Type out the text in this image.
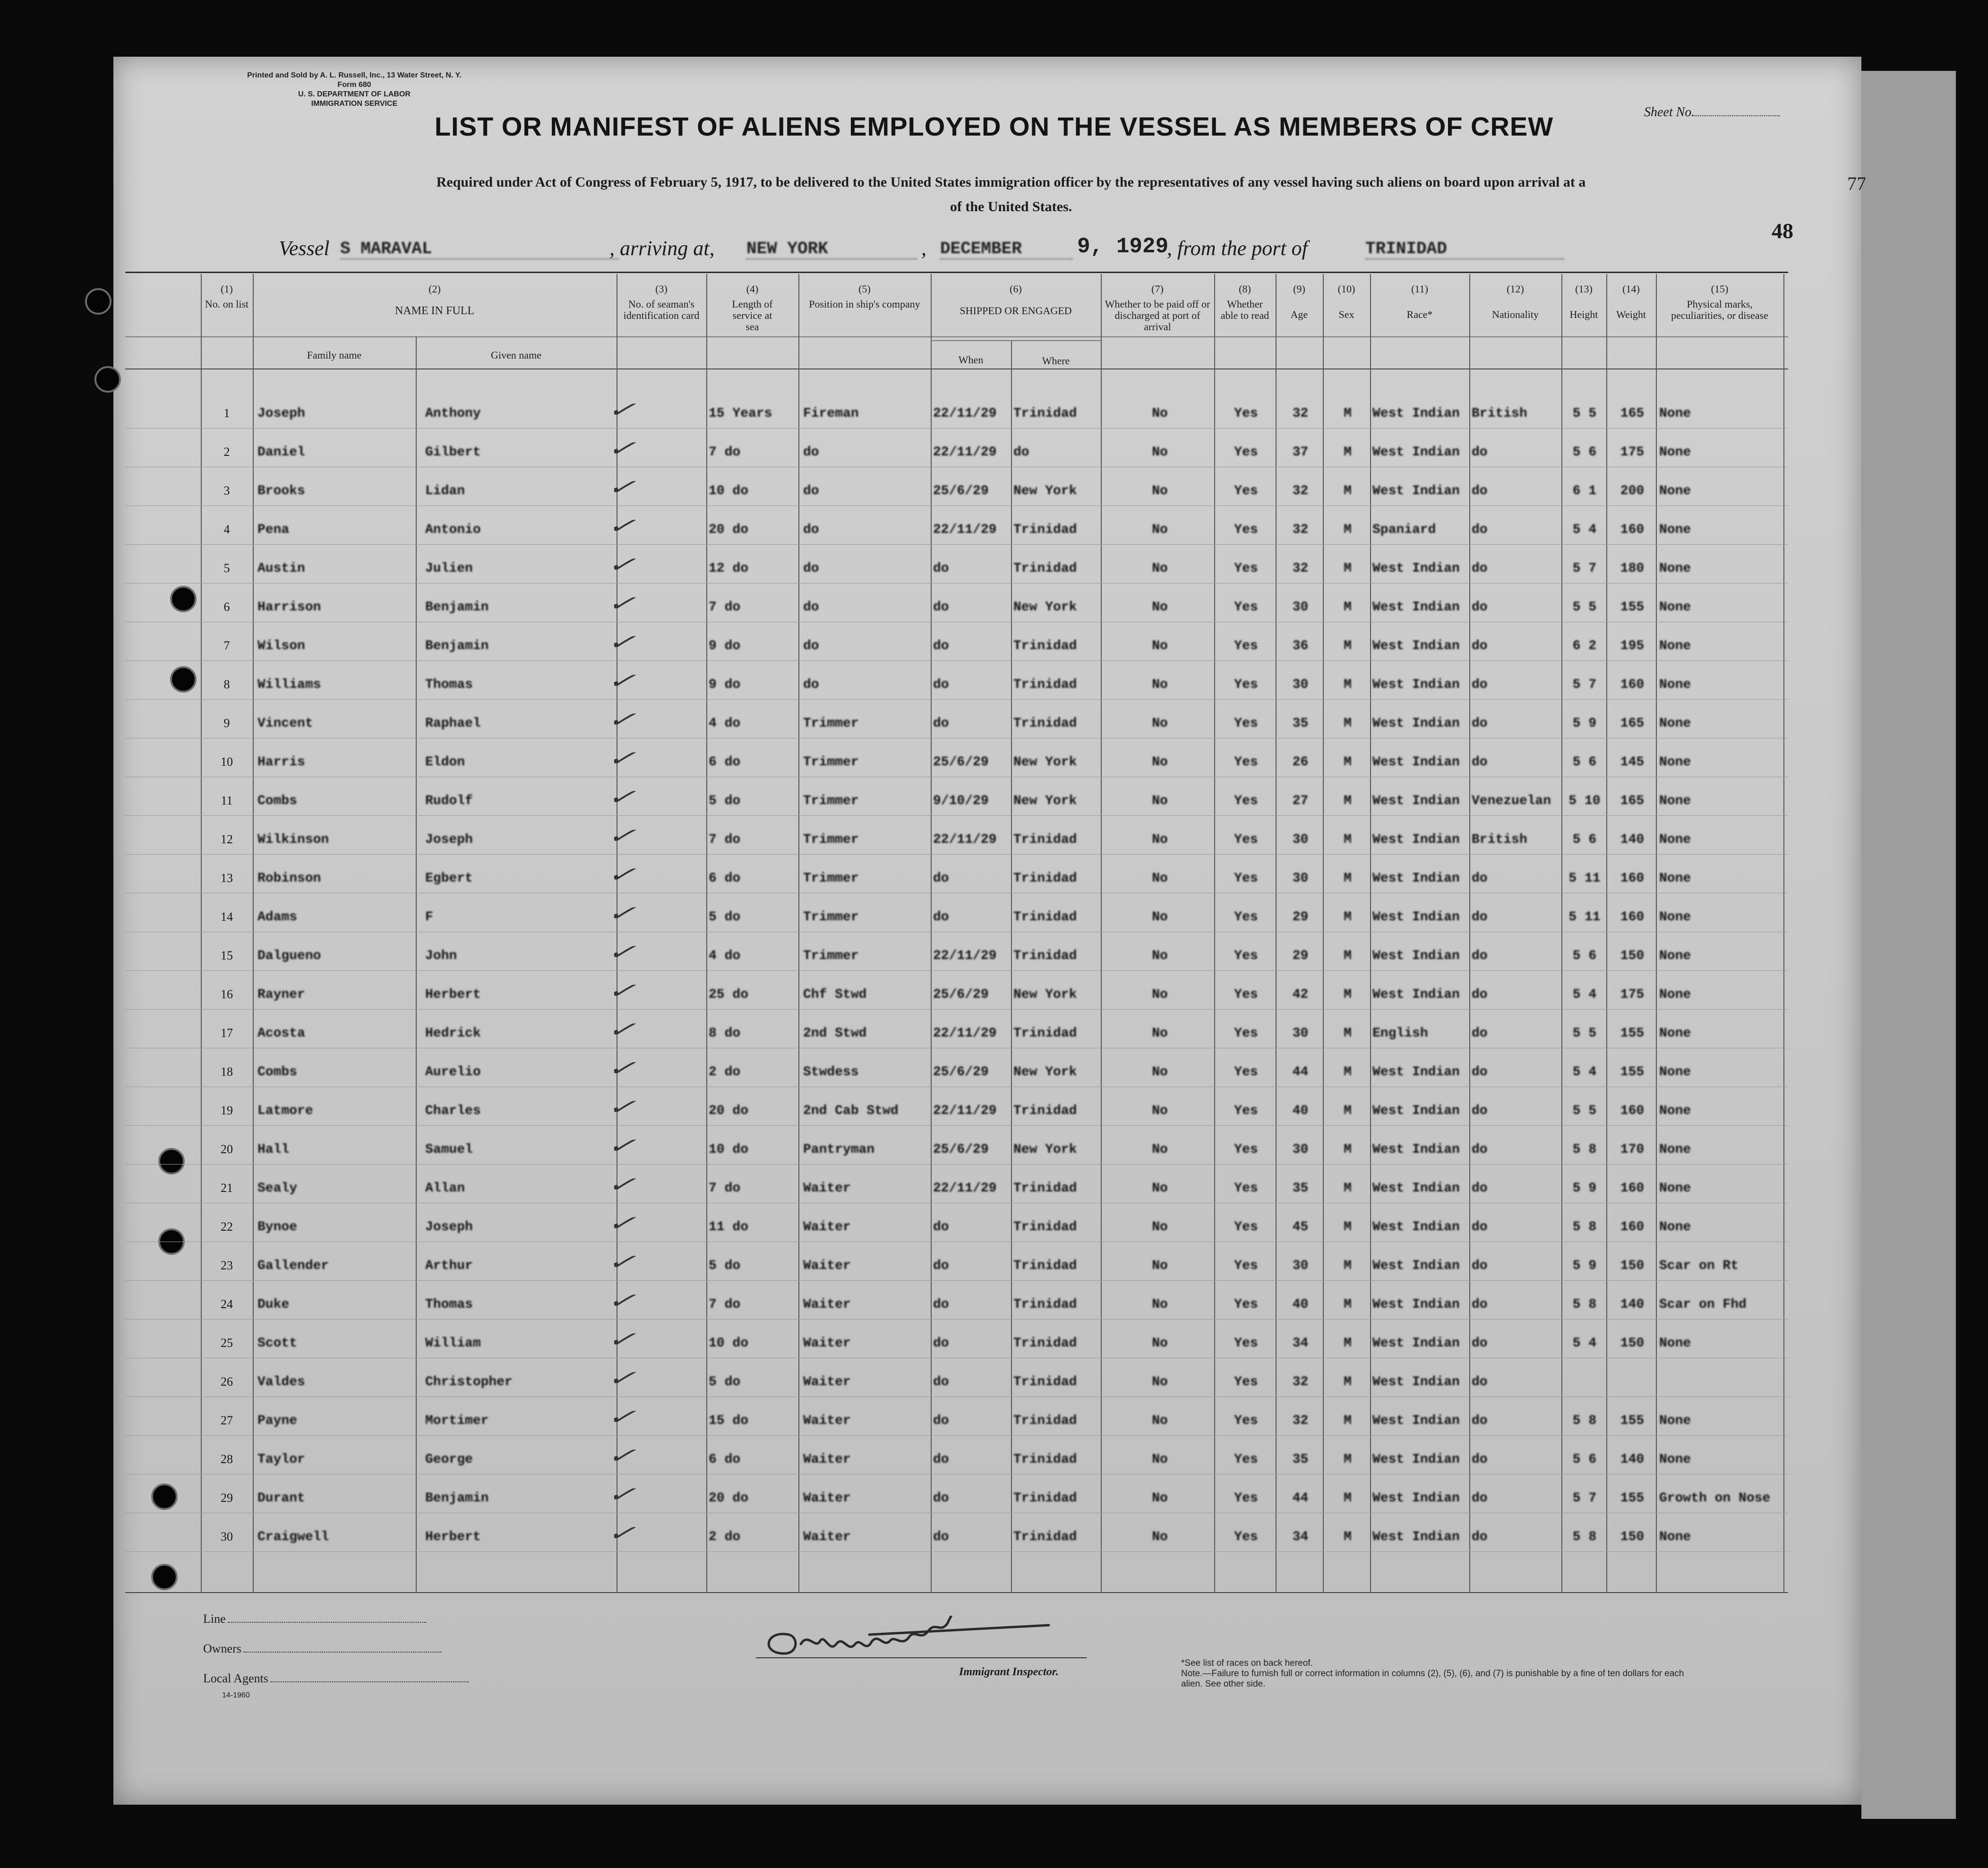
Printed and Sold by A. L. Russell, Inc., 13 Water Street, N. Y.
Form 680
U. S. DEPARTMENT OF LABOR
IMMIGRATION SERVICE
Sheet No.
LIST OR MANIFEST OF ALIENS EMPLOYED ON THE VESSEL AS MEMBERS OF CREW
Required under Act of Congress of February 5, 1917, to be delivered to the United States immigration officer by the representatives of any vessel having such aliens on board upon arrival at a
of the United States.
77
48
Vessel S MARAVAL	, arriving at, NEW YORK	, DECEMBER	9, 1929
, from the port of	TRINIDAD
(1)
No. on list
(2)
NAME IN FULL
Family name	Given name
(3)
No. of seaman's identification card
(4)
Length of service at sea
(5)
Position in ship's company
(6)
SHIPPED OR ENGAGED
When	Where
(7)
Whether to be paid off or discharged at port of arrival
(8)
Whether able to read
(9)
Age
(10)
Sex
(11)
Race*
(12)
Nationality
(13)
Height
(14)
Weight
(15)
Physical marks, peculiarities, or disease
✓
1	Joseph	Anthony	15 Years	Fireman	22/11/29	Trinidad	No	Yes	32	M	West Indian British	5 5	165	None
✓
2	Daniel	Gilbert	7 do	do	22/11/29	do	No	Yes	37	M	West Indian do	5 6	175	None
✓
3	Brooks	Lidan	10 do	do	25/6/29	New York	No	Yes	32	M	West Indian do	6 1	200	None
✓
4	Pena	Antonio	20 do	do	22/11/29	Trinidad	No	Yes	32	M	Spaniard	do	5 4	160	None
✓
5	Austin	Julien	12 do	do	do	Trinidad	No	Yes	32	M	West Indian do	5 7	180	None
✓
6	Harrison	Benjamin	7 do	do	do	New York	No	Yes	30	M	West Indian do	5 5	155	None
✓
7	Wilson	Benjamin	9 do	do	do	Trinidad	No	Yes	36	M	West Indian do	6 2	195	None
✓
8	Williams	Thomas	9 do	do	do	Trinidad	No	Yes	30	M	West Indian do	5 7	160	None
✓
9	Vincent	Raphael	4 do	Trimmer	do	Trinidad	No	Yes	35	M	West Indian do	5 9	165	None
✓
10	Harris	Eldon	6 do	Trimmer	25/6/29	New York	No	Yes	26	M	West Indian do	5 6	145	None
✓
11	Combs	Rudolf	5 do	Trimmer	9/10/29	New York	No	Yes	27	M	West Indian Venezuelan	5 10	165	None
✓
12	Wilkinson	Joseph	7 do	Trimmer	22/11/29	Trinidad	No	Yes	30	M	West Indian British	5 6	140	None
✓
13	Robinson	Egbert	6 do	Trimmer	do	Trinidad	No	Yes	30	M	West Indian do	5 11	160	None
✓
14	Adams	F	5 do	Trimmer	do	Trinidad	No	Yes	29	M	West Indian do	5 11	160	None
✓
15	Dalgueno	John	4 do	Trimmer	22/11/29	Trinidad	No	Yes	29	M	West Indian do	5 6	150	None
✓
16	Rayner	Herbert	25 do	Chf Stwd	25/6/29	New York	No	Yes	42	M	West Indian do	5 4	175	None
✓
17	Acosta	Hedrick	8 do	2nd Stwd	22/11/29	Trinidad	No	Yes	30	M	English	do	5 5	155	None
✓
18	Combs	Aurelio	2 do	Stwdess	25/6/29	New York	No	Yes	44	M	West Indian do	5 4	155	None
✓
19	Latmore	Charles	20 do	2nd Cab Stwd	22/11/29	Trinidad	No	Yes	40	M	West Indian do	5 5	160	None
✓
20	Hall	Samuel	10 do	Pantryman	25/6/29	New York	No	Yes	30	M	West Indian do	5 8	170	None
✓
21	Sealy	Allan	7 do	Waiter	22/11/29	Trinidad	No	Yes	35	M	West Indian do	5 9	160	None
✓
22	Bynoe	Joseph	11 do	Waiter	do	Trinidad	No	Yes	45	M	West Indian do	5 8	160	None
✓
23	Gallender	Arthur	5 do	Waiter	do	Trinidad	No	Yes	30	M	West Indian do	5 9	150	Scar on Rt
✓
24	Duke	Thomas	7 do	Waiter	do	Trinidad	No	Yes	40	M	West Indian do	5 8	140	Scar on Fhd
✓
25	Scott	William	10 do	Waiter	do	Trinidad	No	Yes	34	M	West Indian do	5 4	150	None
✓
26	Valdes	Christopher	5 do	Waiter	do	Trinidad	No	Yes	32	M	West Indian do
✓
27	Payne	Mortimer	15 do	Waiter	do	Trinidad	No	Yes	32	M	West Indian do	5 8	155	None
✓
28	Taylor	George	6 do	Waiter	do	Trinidad	No	Yes	35	M	West Indian do	5 6	140	None
✓
29	Durant	Benjamin	20 do	Waiter	do	Trinidad	No	Yes	44	M	West Indian do	5 7	155	Growth on Nose
✓
30	Craigwell	Herbert	2 do	Waiter	do	Trinidad	No	Yes	34	M	West Indian do	5 8	150	None
Line
Owners
Local Agents
14-1960
Immigrant Inspector.
*See list of races on back hereof.
Note.—Failure to furnish full or correct information in columns (2), (5), (6), and (7) is punishable by a fine of ten dollars for each alien. See other side.
